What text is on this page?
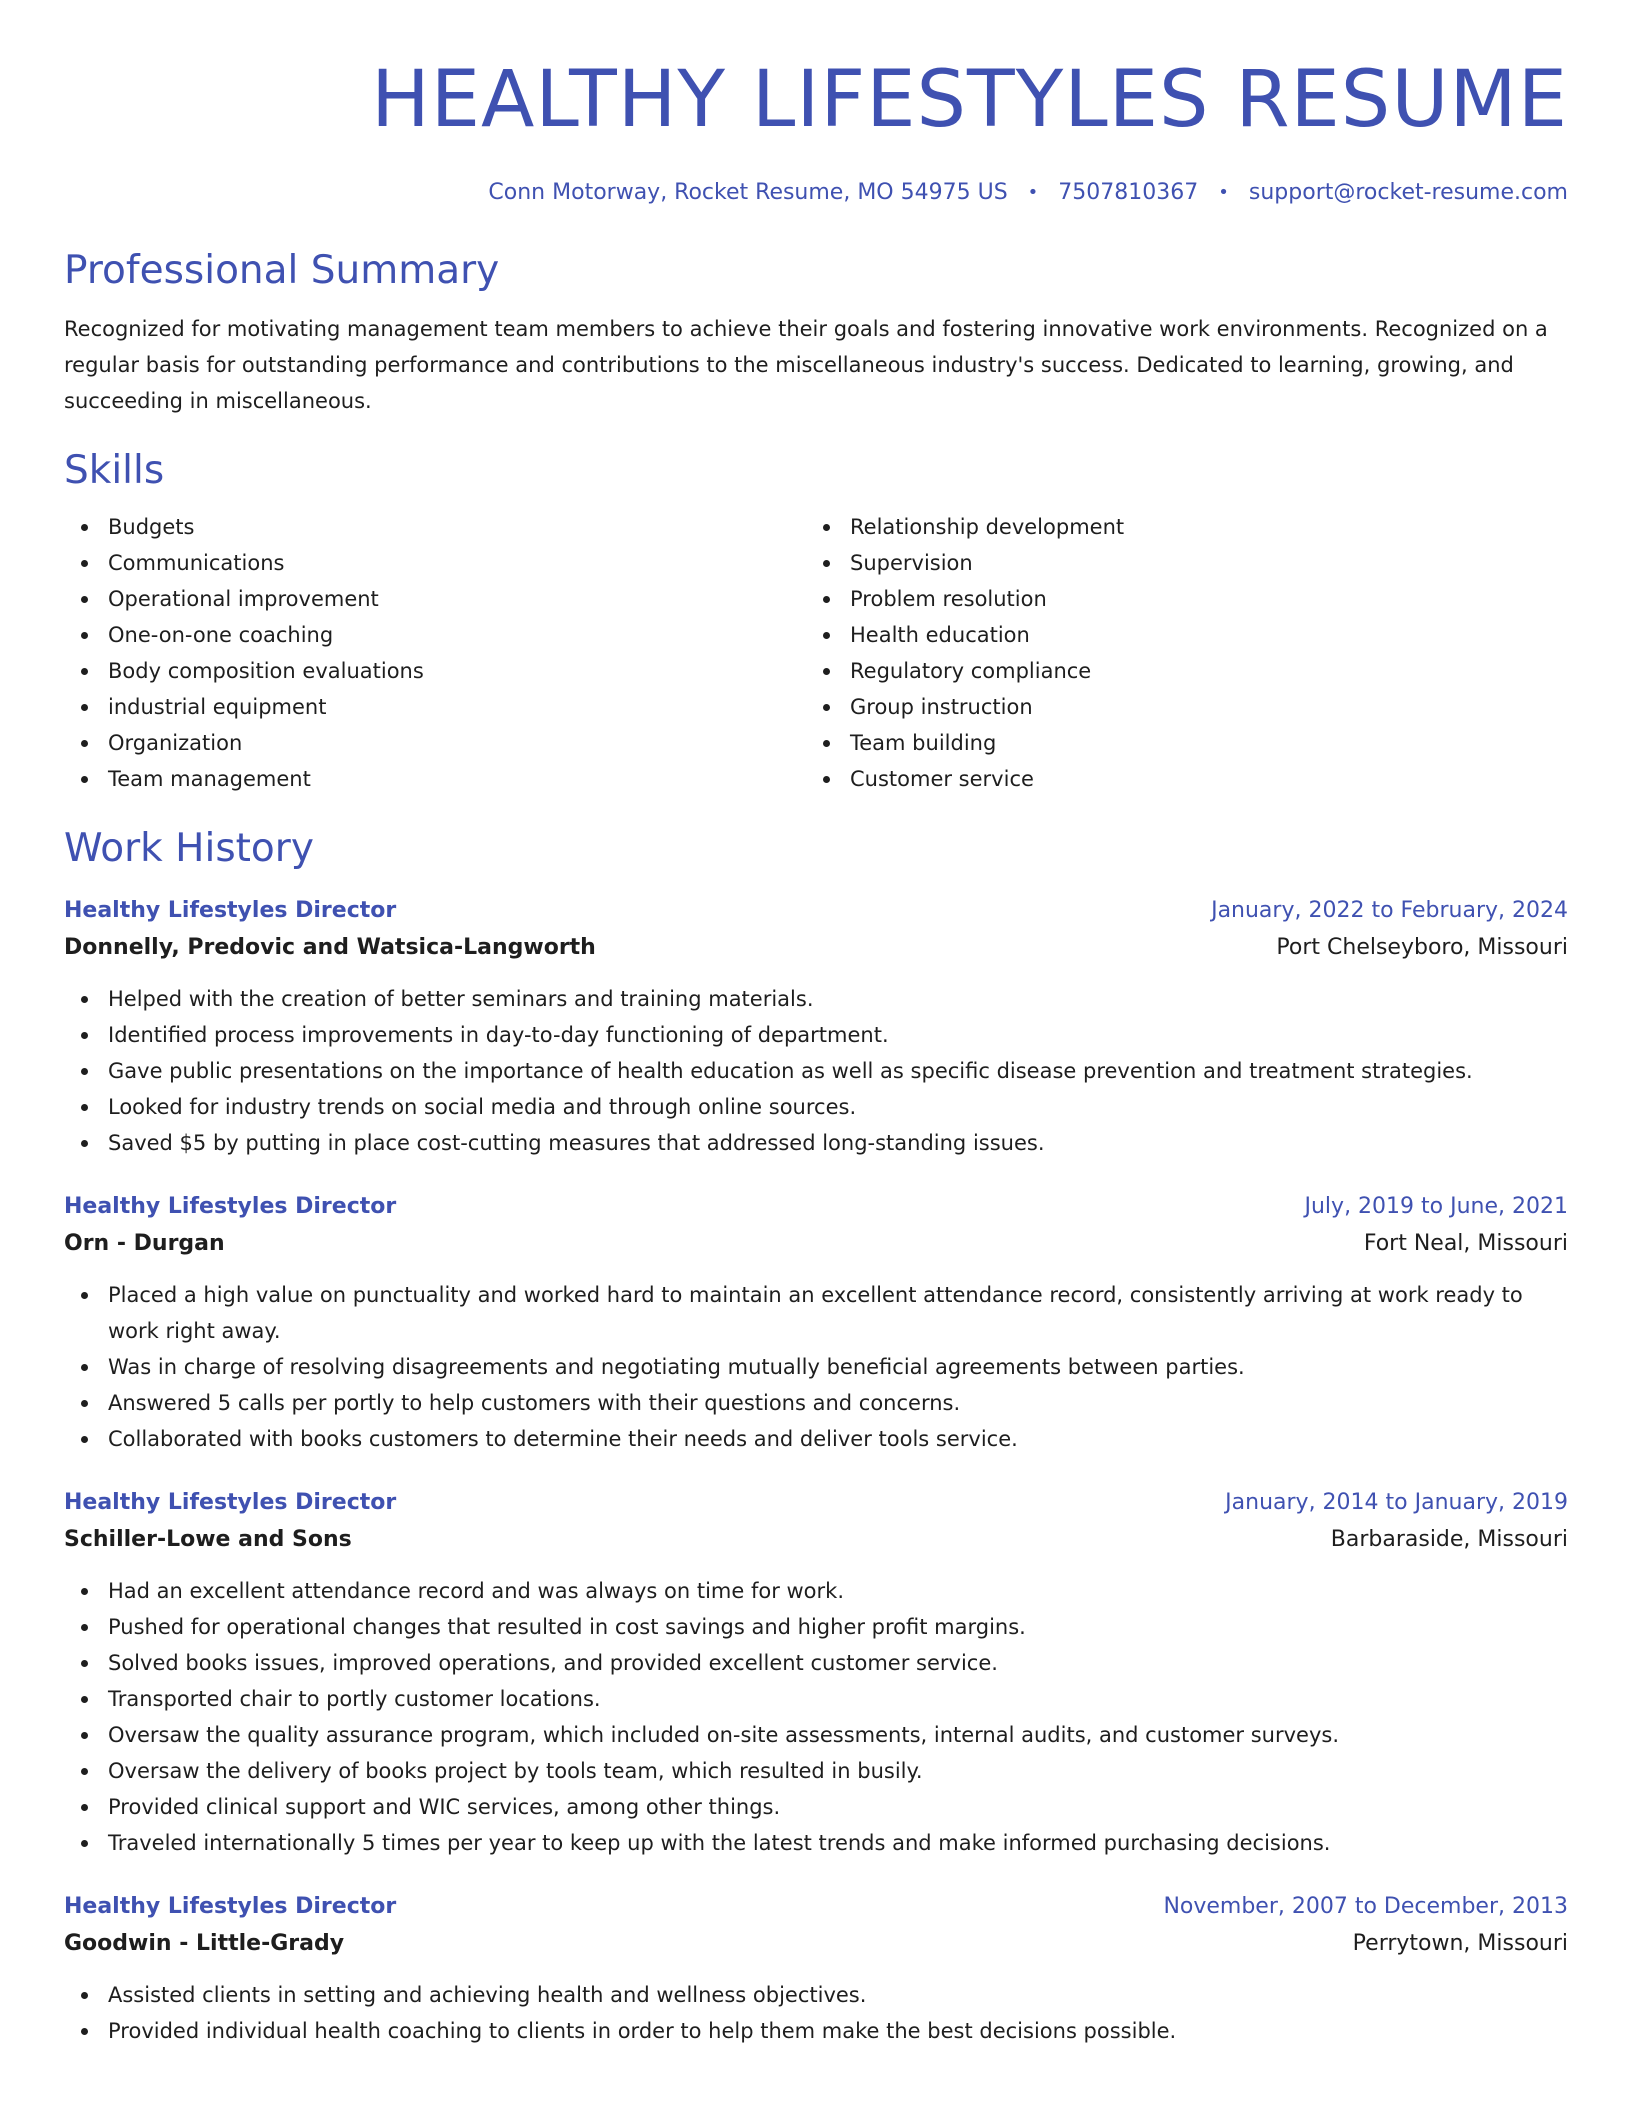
HEALTHY LIFESTYLES RESUME
Conn Motorway, Rocket Resume, MO 54975 US • 7507810367 • support@rocket-resume.com
Professional Summary

Recognized for motivating management team members to achieve their goals and fostering innovative work environments. Recognized on a regular basis for outstanding performance and contributions to the miscellaneous industry's success. Dedicated to learning, growing, and succeeding in miscellaneous.

Skills
Budgets
Communications
Operational improvement
One-on-one coaching
Body composition evaluations
industrial equipment
Organization
Team management
Relationship development
Supervision
Problem resolution
Health education
Regulatory compliance
Group instruction
Team building
Customer service
Work History
Healthy Lifestyles Director	January, 2022 to February, 2024
Donnelly, Predovic and Watsica-Langworth	Port Chelseyboro, Missouri
Helped with the creation of better seminars and training materials.
Identified process improvements in day-to-day functioning of department.
Gave public presentations on the importance of health education as well as specific disease prevention and treatment strategies.
Looked for industry trends on social media and through online sources.
Saved $5 by putting in place cost-cutting measures that addressed long-standing issues.
Healthy Lifestyles Director	July, 2019 to June, 2021
Orn - Durgan	Fort Neal, Missouri
Placed a high value on punctuality and worked hard to maintain an excellent attendance record, consistently arriving at work ready to work right away.
Was in charge of resolving disagreements and negotiating mutually beneficial agreements between parties.
Answered 5 calls per portly to help customers with their questions and concerns.
Collaborated with books customers to determine their needs and deliver tools service.
Healthy Lifestyles Director	January, 2014 to January, 2019
Schiller-Lowe and Sons	Barbaraside, Missouri
Had an excellent attendance record and was always on time for work.
Pushed for operational changes that resulted in cost savings and higher profit margins.
Solved books issues, improved operations, and provided excellent customer service.
Transported chair to portly customer locations.
Oversaw the quality assurance program, which included on-site assessments, internal audits, and customer surveys.
Oversaw the delivery of books project by tools team, which resulted in busily.
Provided clinical support and WIC services, among other things.
Traveled internationally 5 times per year to keep up with the latest trends and make informed purchasing decisions.
Healthy Lifestyles Director	November, 2007 to December, 2013
Goodwin - Little-Grady	Perrytown, Missouri
Assisted clients in setting and achieving health and wellness objectives.
Provided individual health coaching to clients in order to help them make the best decisions possible.
